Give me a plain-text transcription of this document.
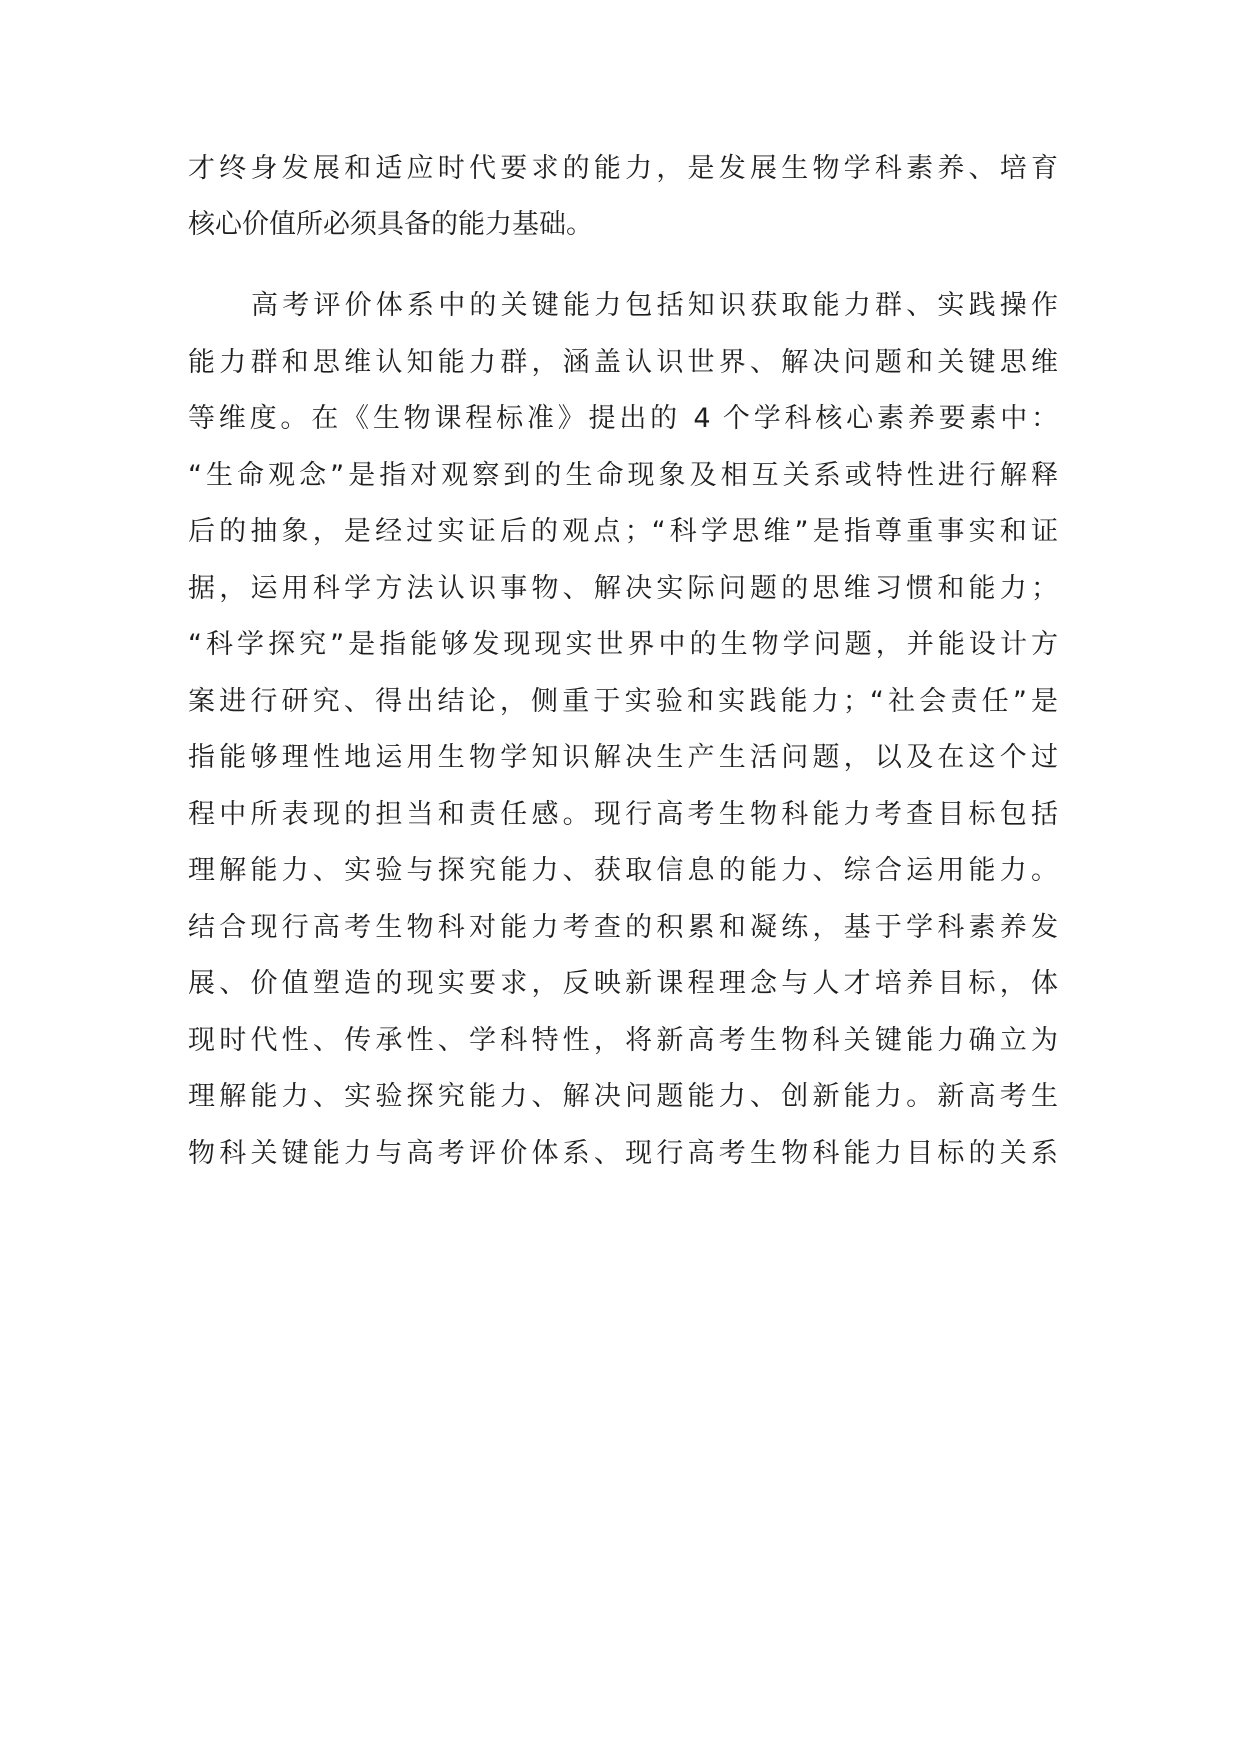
才终身发展和适应时代要求的能力，是发展生物学科素养、培育
核心价值所必须具备的能力基础。
高考评价体系中的关键能力包括知识获取能力群、实践操作
能力群和思维认知能力群，涵盖认识世界、解决问题和关键思维
等维度。在《生物课程标准》提出的 4 个学科核心素养要素中：
“生命观念”是指对观察到的生命现象及相互关系或特性进行解释
后的抽象，是经过实证后的观点；“科学思维”是指尊重事实和证
据，运用科学方法认识事物、解决实际问题的思维习惯和能力；
“科学探究”是指能够发现现实世界中的生物学问题，并能设计方
案进行研究、得出结论，侧重于实验和实践能力；“社会责任”是
指能够理性地运用生物学知识解决生产生活问题，以及在这个过
程中所表现的担当和责任感。现行高考生物科能力考查目标包括
理解能力、实验与探究能力、获取信息的能力、综合运用能力。
结合现行高考生物科对能力考查的积累和凝练，基于学科素养发
展、价值塑造的现实要求，反映新课程理念与人才培养目标，体
现时代性、传承性、学科特性，将新高考生物科关键能力确立为
理解能力、实验探究能力、解决问题能力、创新能力。新高考生
物科关键能力与高考评价体系、现行高考生物科能力目标的关系
